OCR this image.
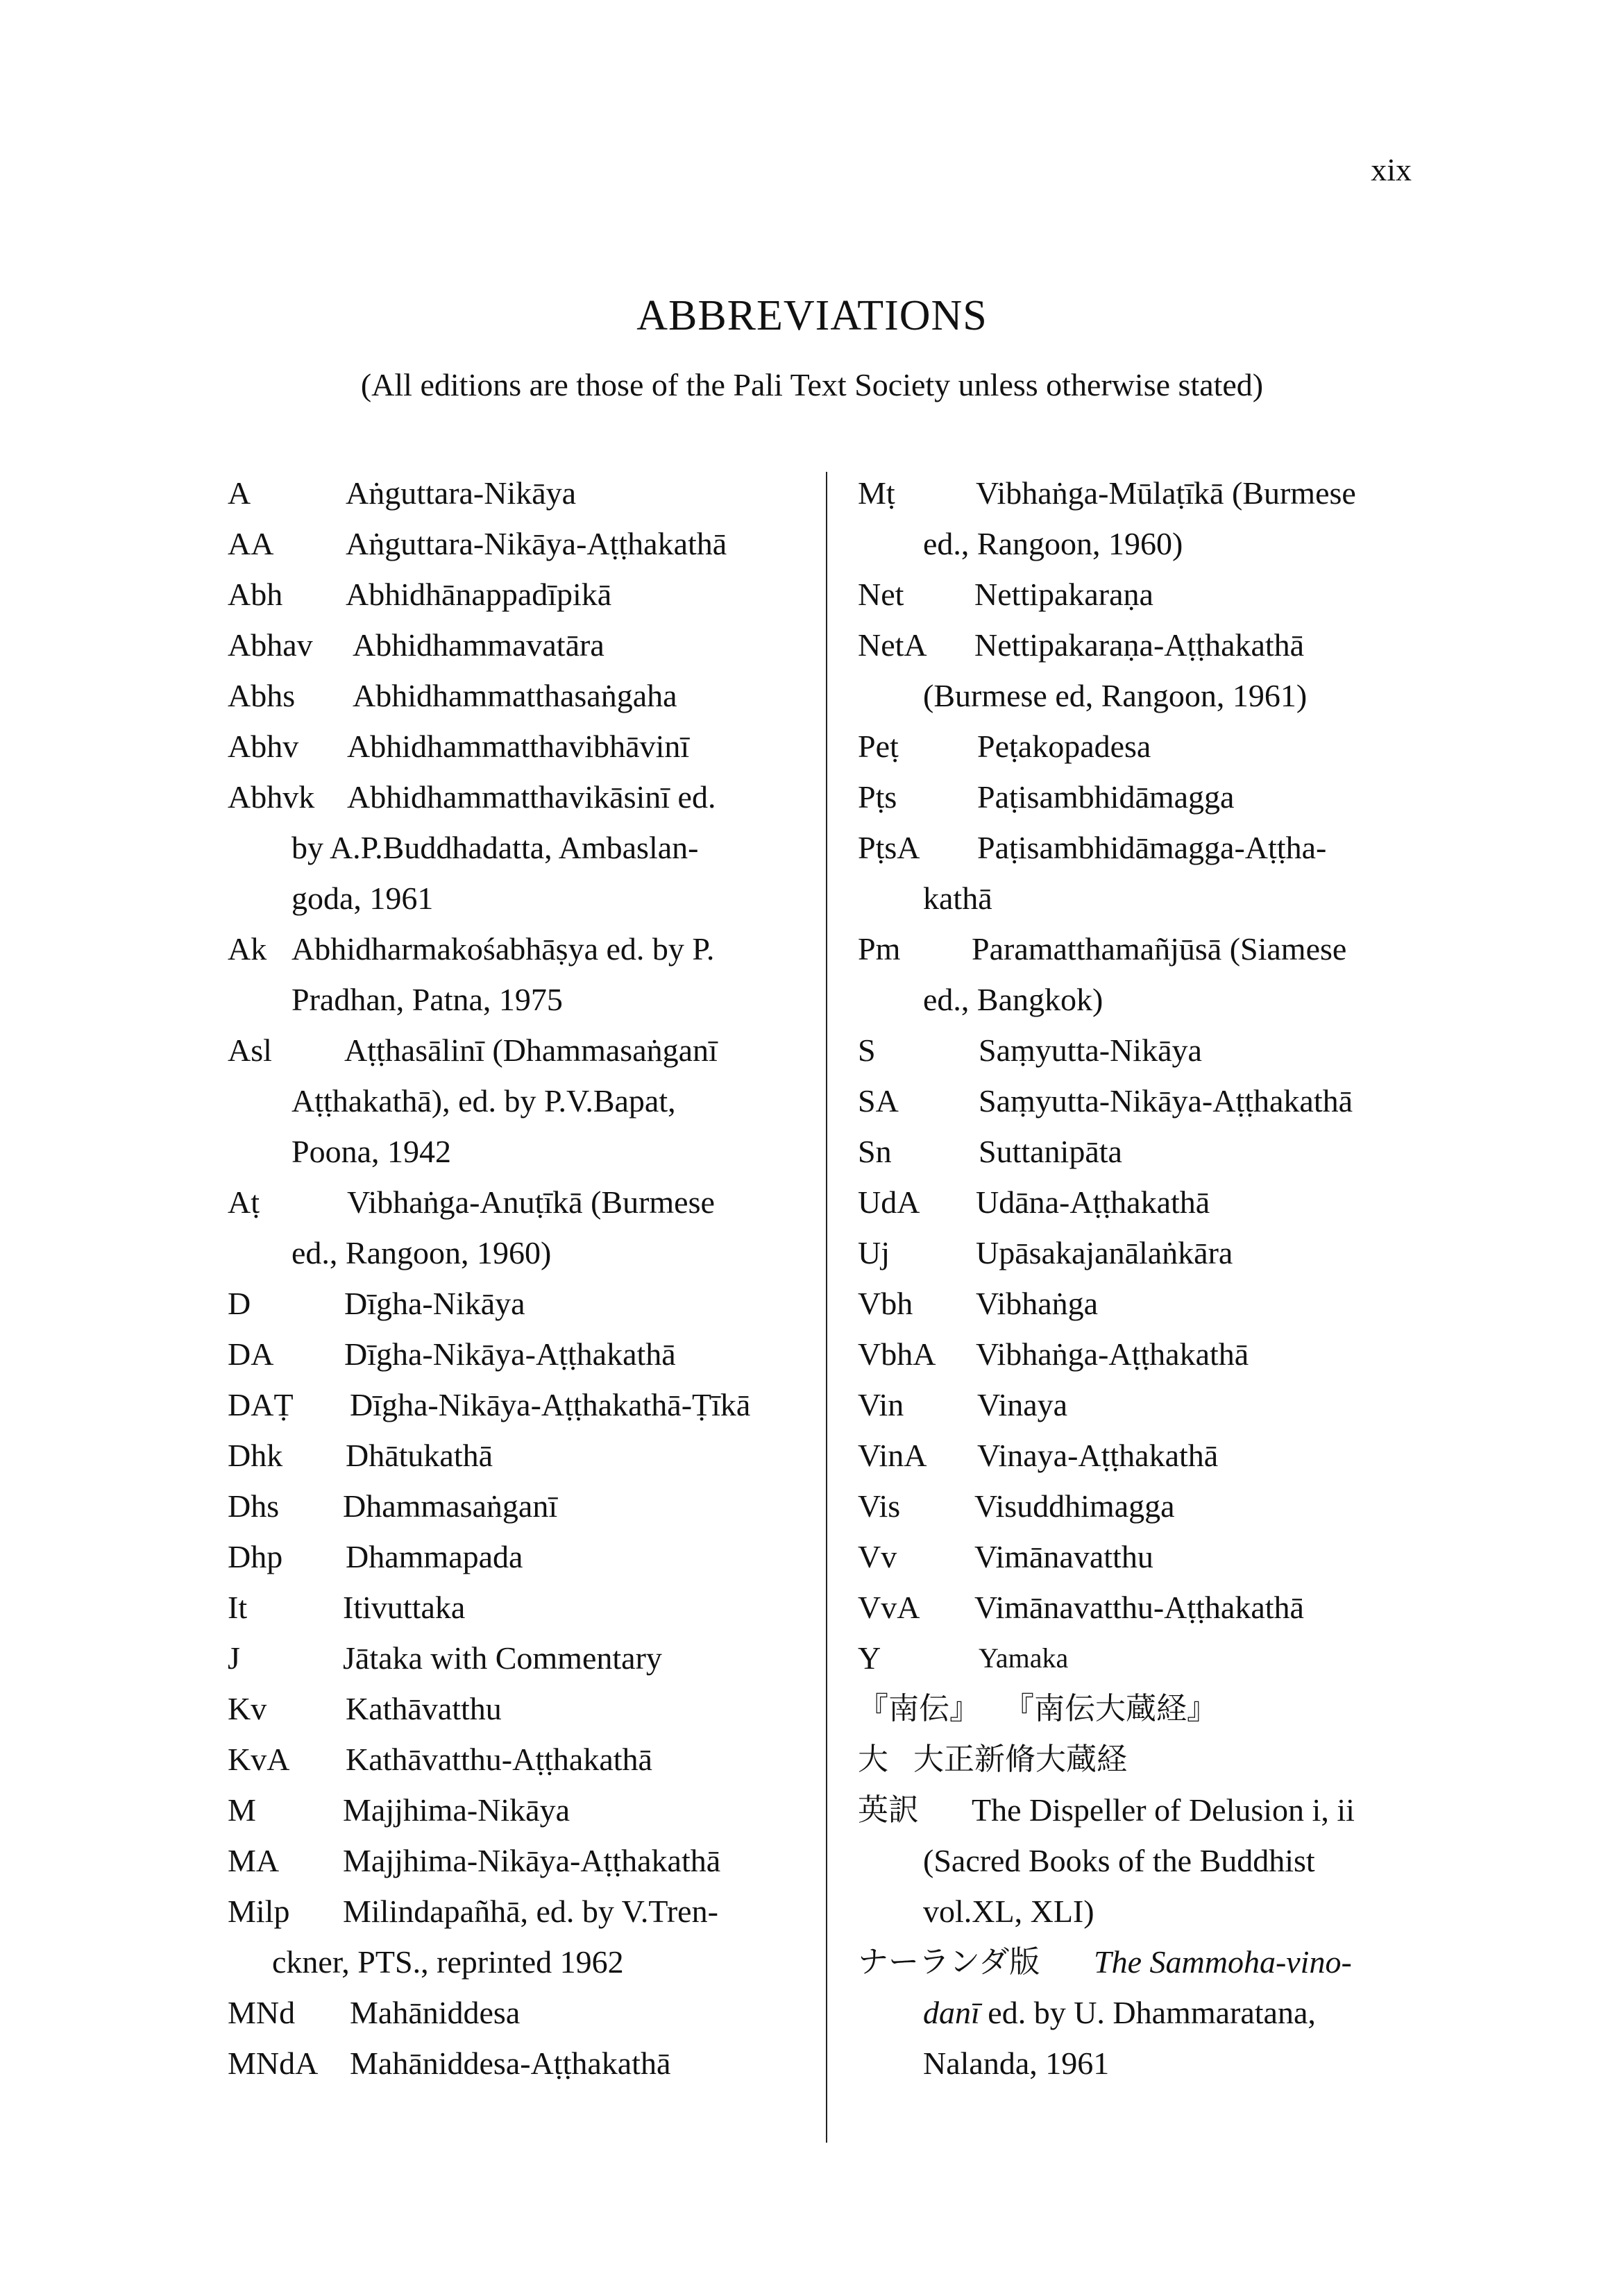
xix
ABBREVIATIONS
(All editions are those of the Pali Text Society unless otherwise stated)
A	Aṅguttara-Nikāya
AA Aṅguttara-Nikāya-Aṭṭhakathā
Abh Abhidhānappadīpikā
Abhav Abhidhammavatāra
Abhs Abhidhammatthasaṅgaha
Abhv Abhidhammatthavibhāvinī
Abhvk Abhidhammatthavikāsinī ed.
by A.P.Buddhadatta, Ambaslan-
goda, 1961
Ak Abhidharmakośabhāṣya ed. by P.
Pradhan, Patna, 1975
Asl Aṭṭhasālinī (Dhammasaṅganī
Aṭṭhakathā), ed. by P.V.Bapat,
Poona, 1942
Aṭ	Vibhaṅga-Anuṭīkā (Burmese
ed., Rangoon, 1960)
D	Dīgha-Nikāya
DA Dīgha-Nikāya-Aṭṭhakathā
DAṬ Dīgha-Nikāya-Aṭṭhakathā-Ṭīkā
Dhk Dhātukathā
Dhs Dhammasaṅganī
Dhp Dhammapada
It	Itivuttaka
J	Jātaka with Commentary
Kv Kathāvatthu
KvA Kathāvatthu-Aṭṭhakathā
M	Majjhima-Nikāya
MA Majjhima-Nikāya-Aṭṭhakathā
Milp Milindapañhā, ed. by V.Tren-
ckner, PTS., reprinted 1962
MNd Mahāniddesa
MNdA Mahāniddesa-Aṭṭhakathā
Mṭ	Vibhaṅga-Mūlaṭīkā (Burmese
ed., Rangoon, 1960)
Net Nettipakaraṇa
NetA Nettipakaraṇa-Aṭṭhakathā
(Burmese ed, Rangoon, 1961)
Peṭ Peṭakopadesa
Pṭs	Paṭisambhidāmagga
PṭsA Paṭisambhidāmagga-Aṭṭha-
kathā
Pm Paramatthamañjūsā (Siamese
ed., Bangkok)
S	Saṃyutta-Nikāya
SA	Saṃyutta-Nikāya-Aṭṭhakathā
Sn	Suttanipāta
UdA Udāna-Aṭṭhakathā
Uj	Upāsakajanālaṅkāra
Vbh Vibhaṅga
VbhA Vibhaṅga-Aṭṭhakathā
Vin Vinaya
VinA Vinaya-Aṭṭhakathā
Vis Visuddhimagga
Vv Vimānavatthu
VvA Vimānavatthu-Aṭṭhakathā
Y	Yamaka
『南伝』 『南伝大蔵経』
大 大正新脩大蔵経
英訳 The Dispeller of Delusion i, ii
(Sacred Books of the Buddhist
vol.XL, XLI)
ナーランダ版 The Sammoha-vino-
danī ed. by U. Dhammaratana,
Nalanda, 1961
